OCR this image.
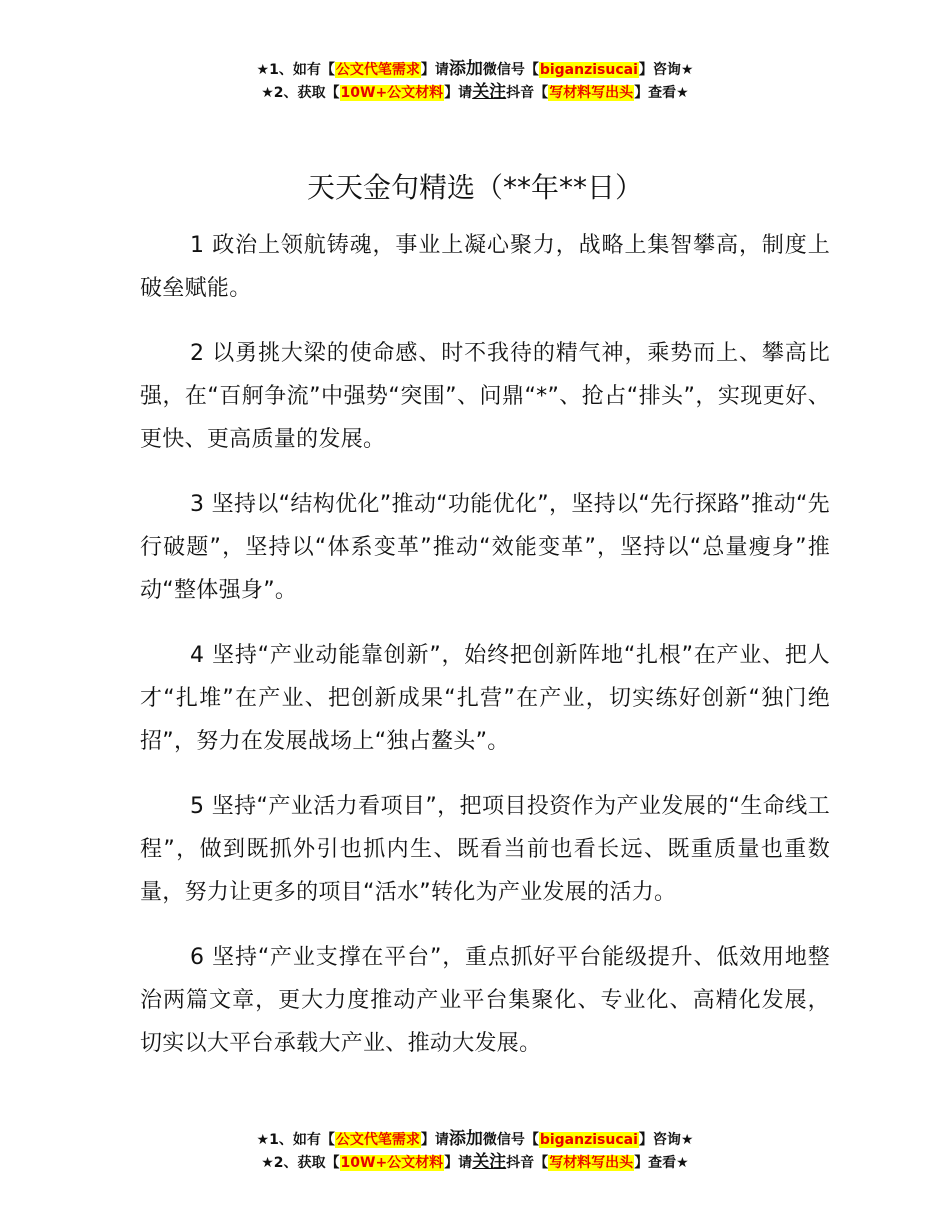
★1、如有【公文代笔需求】请添加微信号【biganzisucai】咨询★
★2、获取【10W+公文材料】请关注抖音【写材料写出头】查看★
天天金句精选（**年**日）

1 政治上领航铸魂，事业上凝心聚力，战略上集智攀高，制度上破垒赋能。

2 以勇挑大梁的使命感、时不我待的精气神，乘势而上、攀高比强，在“百舸争流”中强势“突围”、问鼎“*”、抢占“排头”，实现更好、更快、更高质量的发展。

3 坚持以“结构优化”推动“功能优化”，坚持以“先行探路”推动“先行破题”，坚持以“体系变革”推动“效能变革”，坚持以“总量瘦身”推动“整体强身”。

4 坚持“产业动能靠创新”，始终把创新阵地“扎根”在产业、把人才“扎堆”在产业、把创新成果“扎营”在产业，切实练好创新“独门绝招”，努力在发展战场上“独占鳌头”。

5 坚持“产业活力看项目”，把项目投资作为产业发展的“生命线工程”，做到既抓外引也抓内生、既看当前也看长远、既重质量也重数量，努力让更多的项目“活水”转化为产业发展的活力。

6 坚持“产业支撑在平台”，重点抓好平台能级提升、低效用地整治两篇文章，更大力度推动产业平台集聚化、专业化、高精化发展，切实以大平台承载大产业、推动大发展。

★1、如有【公文代笔需求】请添加微信号【biganzisucai】咨询★
★2、获取【10W+公文材料】请关注抖音【写材料写出头】查看★
